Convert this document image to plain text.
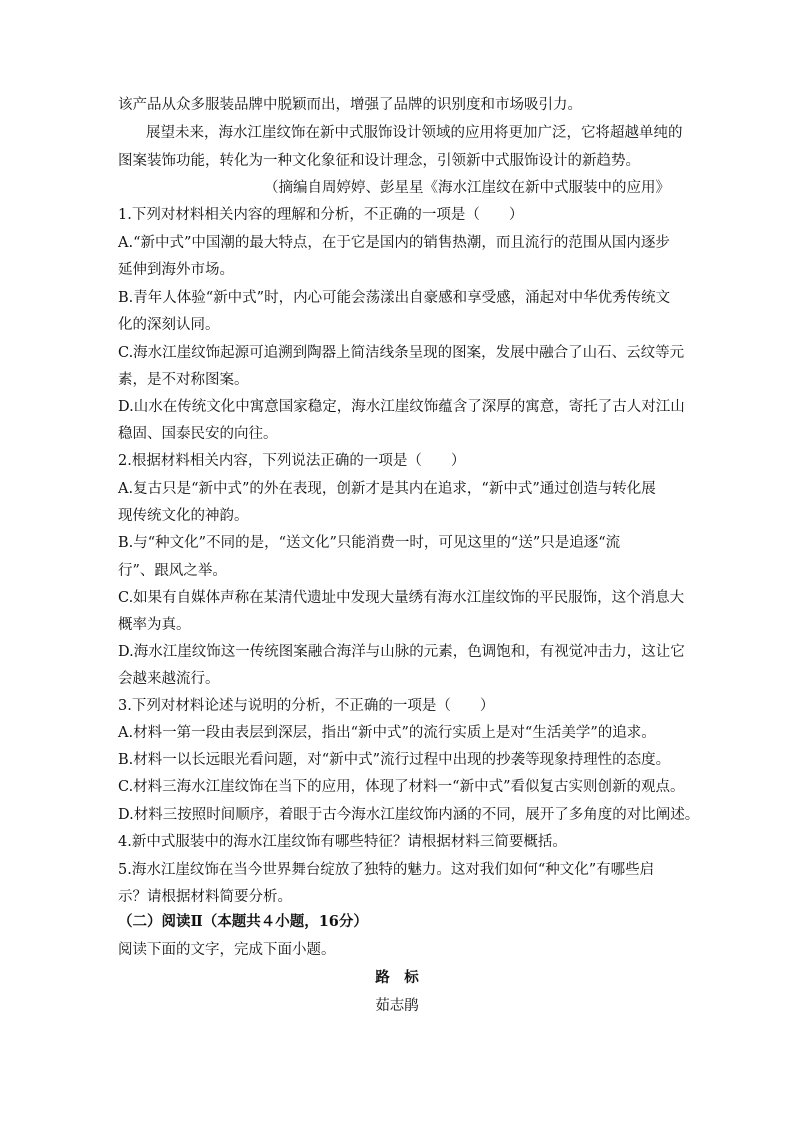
该产品从众多服装品牌中脱颖而出，增强了品牌的识别度和市场吸引力。
展望未来，海水江崖纹饰在新中式服饰设计领域的应用将更加广泛，它将超越单纯的
图案装饰功能，转化为一种文化象征和设计理念，引领新中式服饰设计的新趋势。
（摘编自周婷婷、彭星星《海水江崖纹在新中式服装中的应用》
1.下列对材料相关内容的理解和分析，不正确的一项是（　　）
A.“新中式”中国潮的最大特点，在于它是国内的销售热潮，而且流行的范围从国内逐步
延伸到海外市场。
B.青年人体验“新中式”时，内心可能会荡漾出自豪感和享受感，涌起对中华优秀传统文
化的深刻认同。
C.海水江崖纹饰起源可追溯到陶器上简洁线条呈现的图案，发展中融合了山石、云纹等元
素，是不对称图案。
D.山水在传统文化中寓意国家稳定，海水江崖纹饰蕴含了深厚的寓意，寄托了古人对江山
稳固、国泰民安的向往。
2.根据材料相关内容，下列说法正确的一项是（　　）
A.复古只是“新中式”的外在表现，创新才是其内在追求，“新中式”通过创造与转化展
现传统文化的神韵。
B.与“种文化”不同的是，“送文化”只能消费一时，可见这里的“送”只是追逐“流
行”、跟风之举。
C.如果有自媒体声称在某清代遗址中发现大量绣有海水江崖纹饰的平民服饰，这个消息大
概率为真。
D.海水江崖纹饰这一传统图案融合海洋与山脉的元素，色调饱和，有视觉冲击力，这让它
会越来越流行。
3.下列对材料论述与说明的分析，不正确的一项是（　　）
A.材料一第一段由表层到深层，指出“新中式”的流行实质上是对“生活美学”的追求。
B.材料一以长远眼光看问题，对“新中式”流行过程中出现的抄袭等现象持理性的态度。
C.材料三海水江崖纹饰在当下的应用，体现了材料一“新中式”看似复古实则创新的观点。
D.材料三按照时间顺序，着眼于古今海水江崖纹饰内涵的不同，展开了多角度的对比阐述。
4.新中式服装中的海水江崖纹饰有哪些特征？请根据材料三简要概括。
5.海水江崖纹饰在当今世界舞台绽放了独特的魅力。这对我们如何“种文化”有哪些启
示？请根据材料简要分析。
（二）阅读Ⅱ（本题共４小题，16分）
阅读下面的文字，完成下面小题。
路　标
茹志鹃
